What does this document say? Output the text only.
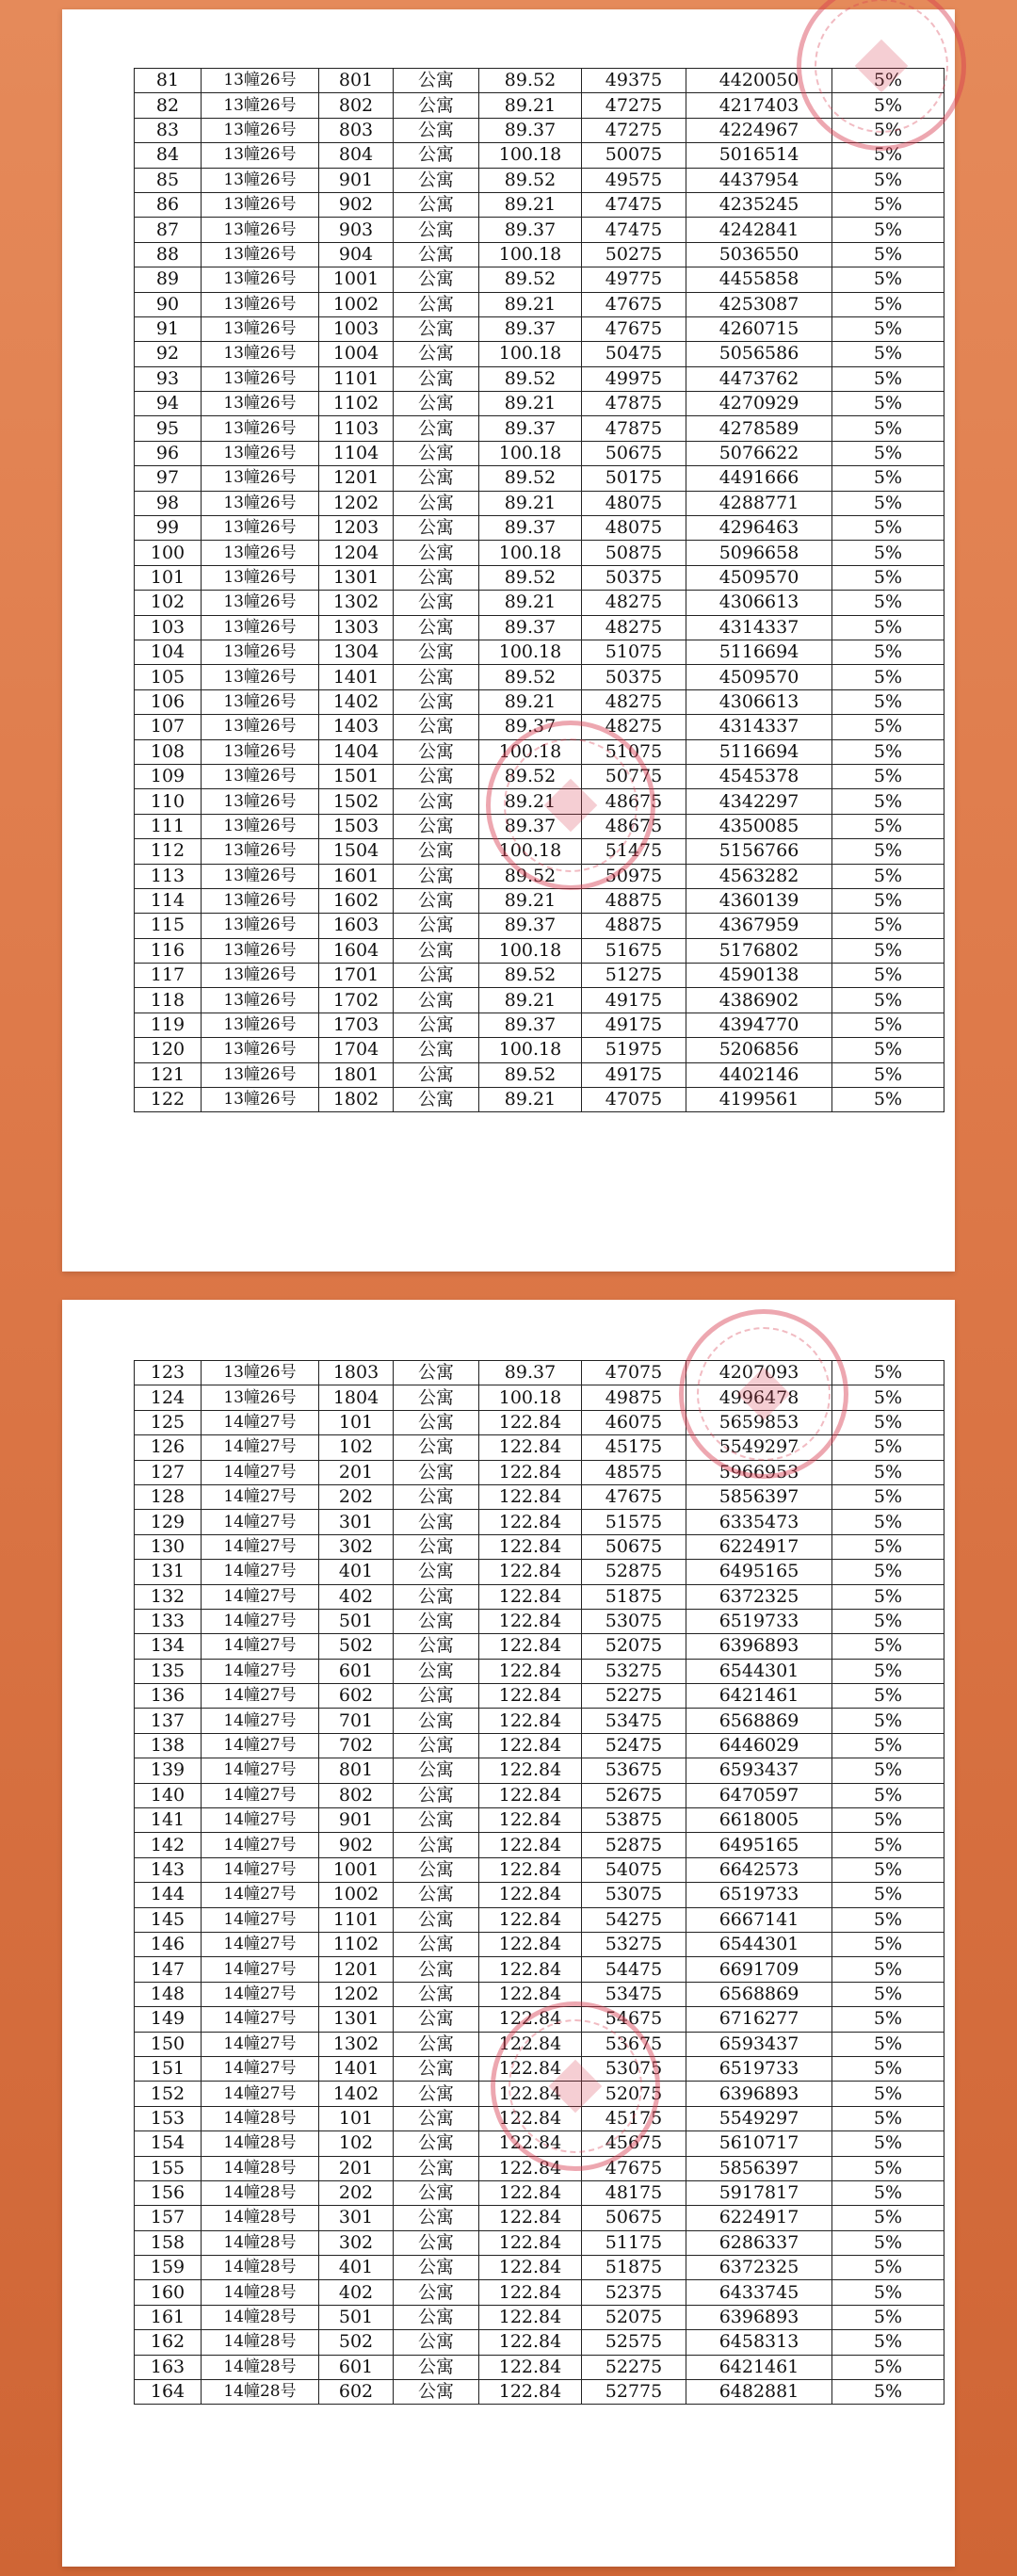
81	13幢26号	801	公寓	89.52	49375	4420050	5%
82	13幢26号	802	公寓	89.21	47275	4217403	5%
83	13幢26号	803	公寓	89.37	47275	4224967	5%
84	13幢26号	804	公寓	100.18	50075	5016514	5%
85	13幢26号	901	公寓	89.52	49575	4437954	5%
86	13幢26号	902	公寓	89.21	47475	4235245	5%
87	13幢26号	903	公寓	89.37	47475	4242841	5%
88	13幢26号	904	公寓	100.18	50275	5036550	5%
89	13幢26号	1001	公寓	89.52	49775	4455858	5%
90	13幢26号	1002	公寓	89.21	47675	4253087	5%
91	13幢26号	1003	公寓	89.37	47675	4260715	5%
92	13幢26号	1004	公寓	100.18	50475	5056586	5%
93	13幢26号	1101	公寓	89.52	49975	4473762	5%
94	13幢26号	1102	公寓	89.21	47875	4270929	5%
95	13幢26号	1103	公寓	89.37	47875	4278589	5%
96	13幢26号	1104	公寓	100.18	50675	5076622	5%
97	13幢26号	1201	公寓	89.52	50175	4491666	5%
98	13幢26号	1202	公寓	89.21	48075	4288771	5%
99	13幢26号	1203	公寓	89.37	48075	4296463	5%
100	13幢26号	1204	公寓	100.18	50875	5096658	5%
101	13幢26号	1301	公寓	89.52	50375	4509570	5%
102	13幢26号	1302	公寓	89.21	48275	4306613	5%
103	13幢26号	1303	公寓	89.37	48275	4314337	5%
104	13幢26号	1304	公寓	100.18	51075	5116694	5%
105	13幢26号	1401	公寓	89.52	50375	4509570	5%
106	13幢26号	1402	公寓	89.21	48275	4306613	5%
107	13幢26号	1403	公寓	89.37	48275	4314337	5%
108	13幢26号	1404	公寓	100.18	51075	5116694	5%
109	13幢26号	1501	公寓	89.52	50775	4545378	5%
110	13幢26号	1502	公寓	89.21	48675	4342297	5%
111	13幢26号	1503	公寓	89.37	48675	4350085	5%
112	13幢26号	1504	公寓	100.18	51475	5156766	5%
113	13幢26号	1601	公寓	89.52	50975	4563282	5%
114	13幢26号	1602	公寓	89.21	48875	4360139	5%
115	13幢26号	1603	公寓	89.37	48875	4367959	5%
116	13幢26号	1604	公寓	100.18	51675	5176802	5%
117	13幢26号	1701	公寓	89.52	51275	4590138	5%
118	13幢26号	1702	公寓	89.21	49175	4386902	5%
119	13幢26号	1703	公寓	89.37	49175	4394770	5%
120	13幢26号	1704	公寓	100.18	51975	5206856	5%
121	13幢26号	1801	公寓	89.52	49175	4402146	5%
122	13幢26号	1802	公寓	89.21	47075	4199561	5%
123	13幢26号	1803	公寓	89.37	47075	4207093	5%
124	13幢26号	1804	公寓	100.18	49875	4996478	5%
125	14幢27号	101	公寓	122.84	46075	5659853	5%
126	14幢27号	102	公寓	122.84	45175	5549297	5%
127	14幢27号	201	公寓	122.84	48575	5966953	5%
128	14幢27号	202	公寓	122.84	47675	5856397	5%
129	14幢27号	301	公寓	122.84	51575	6335473	5%
130	14幢27号	302	公寓	122.84	50675	6224917	5%
131	14幢27号	401	公寓	122.84	52875	6495165	5%
132	14幢27号	402	公寓	122.84	51875	6372325	5%
133	14幢27号	501	公寓	122.84	53075	6519733	5%
134	14幢27号	502	公寓	122.84	52075	6396893	5%
135	14幢27号	601	公寓	122.84	53275	6544301	5%
136	14幢27号	602	公寓	122.84	52275	6421461	5%
137	14幢27号	701	公寓	122.84	53475	6568869	5%
138	14幢27号	702	公寓	122.84	52475	6446029	5%
139	14幢27号	801	公寓	122.84	53675	6593437	5%
140	14幢27号	802	公寓	122.84	52675	6470597	5%
141	14幢27号	901	公寓	122.84	53875	6618005	5%
142	14幢27号	902	公寓	122.84	52875	6495165	5%
143	14幢27号	1001	公寓	122.84	54075	6642573	5%
144	14幢27号	1002	公寓	122.84	53075	6519733	5%
145	14幢27号	1101	公寓	122.84	54275	6667141	5%
146	14幢27号	1102	公寓	122.84	53275	6544301	5%
147	14幢27号	1201	公寓	122.84	54475	6691709	5%
148	14幢27号	1202	公寓	122.84	53475	6568869	5%
149	14幢27号	1301	公寓	122.84	54675	6716277	5%
150	14幢27号	1302	公寓	122.84	53675	6593437	5%
151	14幢27号	1401	公寓	122.84	53075	6519733	5%
152	14幢27号	1402	公寓	122.84	52075	6396893	5%
153	14幢28号	101	公寓	122.84	45175	5549297	5%
154	14幢28号	102	公寓	122.84	45675	5610717	5%
155	14幢28号	201	公寓	122.84	47675	5856397	5%
156	14幢28号	202	公寓	122.84	48175	5917817	5%
157	14幢28号	301	公寓	122.84	50675	6224917	5%
158	14幢28号	302	公寓	122.84	51175	6286337	5%
159	14幢28号	401	公寓	122.84	51875	6372325	5%
160	14幢28号	402	公寓	122.84	52375	6433745	5%
161	14幢28号	501	公寓	122.84	52075	6396893	5%
162	14幢28号	502	公寓	122.84	52575	6458313	5%
163	14幢28号	601	公寓	122.84	52275	6421461	5%
164	14幢28号	602	公寓	122.84	52775	6482881	5%
